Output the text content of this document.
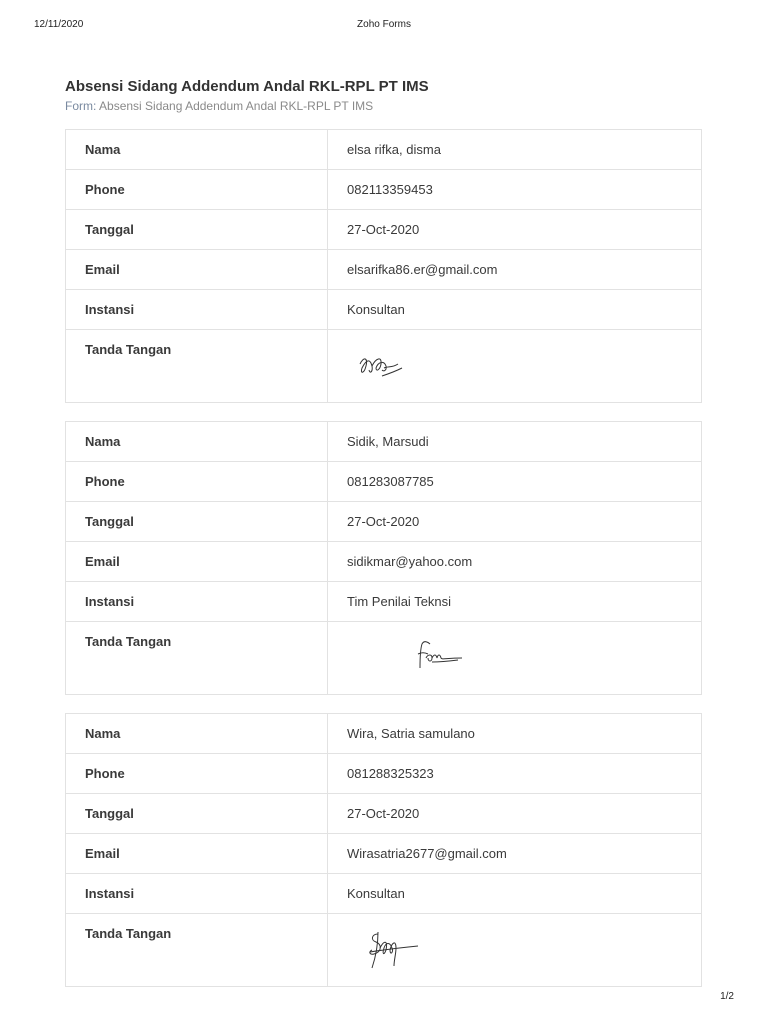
12/11/2020	Zoho Forms
Absensi Sidang Addendum Andal RKL-RPL PT IMS
Form: Absensi Sidang Addendum Andal RKL-RPL PT IMS
Nama	elsa rifka, disma
Phone	082113359453
Tanggal	27-Oct-2020
Email	elsarifka86.er@gmail.com
Instansi	Konsultan
Tanda Tangan
Nama	Sidik, Marsudi
Phone	081283087785
Tanggal	27-Oct-2020
Email	sidikmar@yahoo.com
Instansi	Tim Penilai Teknsi
Tanda Tangan
Nama	Wira, Satria samulano
Phone	081288325323
Tanggal	27-Oct-2020
Email	Wirasatria2677@gmail.com
Instansi	Konsultan
Tanda Tangan
1/2
